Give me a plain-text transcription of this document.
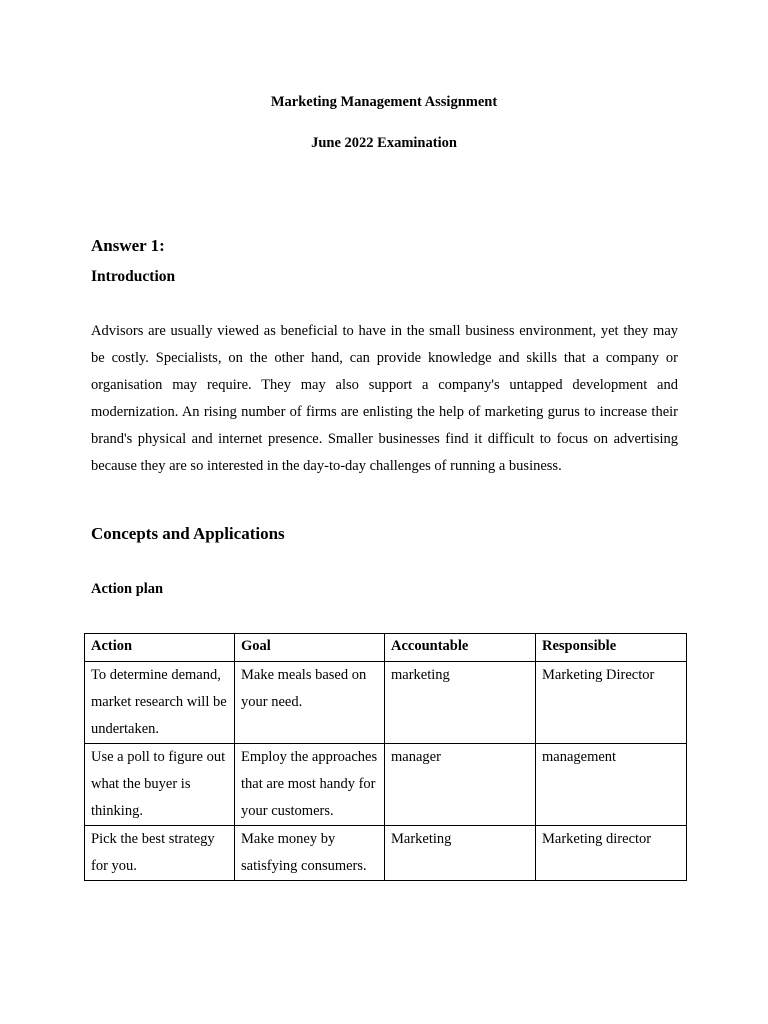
Marketing Management Assignment
June 2022 Examination
Answer 1:
Introduction

Advisors are usually viewed as beneficial to have in the small business environment, yet they may be costly. Specialists, on the other hand, can provide knowledge and skills that a company or organisation may require. They may also support a company's untapped development and modernization. An rising number of firms are enlisting the help of marketing gurus to increase their brand's physical and internet presence. Smaller businesses find it difficult to focus on advertising because they are so interested in the day-to-day challenges of running a business.

Concepts and Applications
Action plan
Action	Goal	Accountable	Responsible
To determine demand, market research will be undertaken.	Make meals based on your need.	marketing	Marketing Director
Use a poll to figure out what the buyer is thinking.	Employ the approaches that are most handy for your customers.	manager	management
Pick the best strategy for you.	Make money by satisfying consumers.	Marketing	Marketing director
